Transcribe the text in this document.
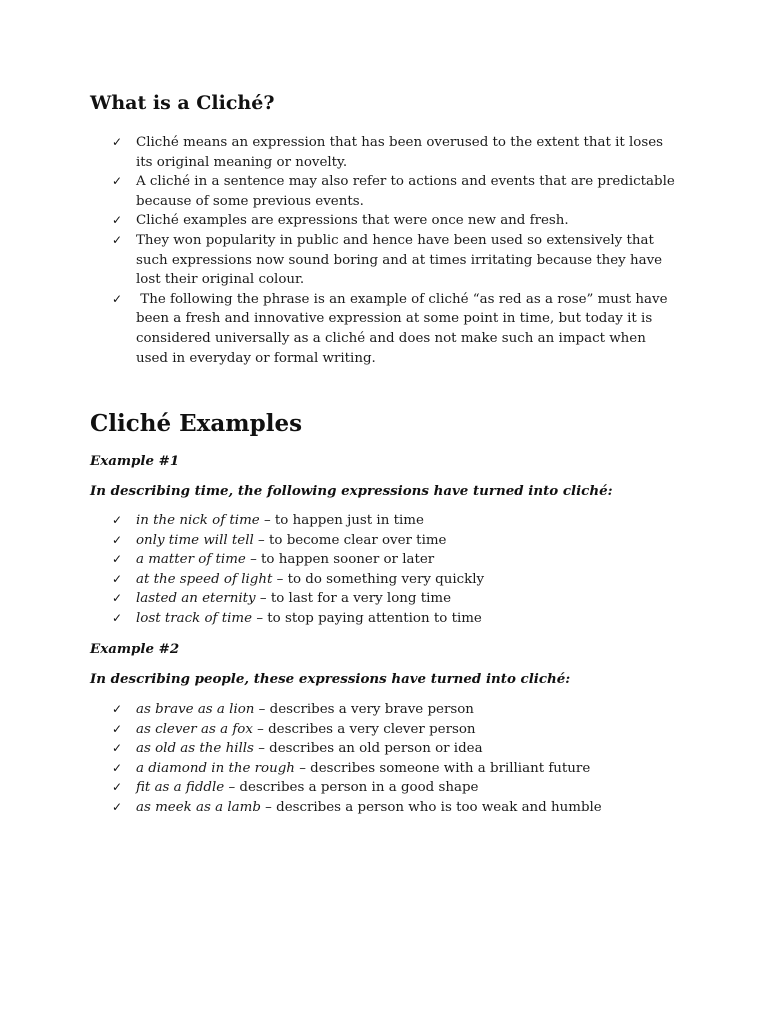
What is a Cliché?
✓ Cliché means an expression that has been overused to the extent that it loses its original meaning or novelty.
✓ A cliché in a sentence may also refer to actions and events that are predictable because of some previous events.
✓ Cliché examples are expressions that were once new and fresh.
✓ They won popularity in public and hence have been used so extensively that such expressions now sound boring and at times irritating because they have lost their original colour.
✓ The following the phrase is an example of cliché “as red as a rose” must have been a fresh and innovative expression at some point in time, but today it is considered universally as a cliché and does not make such an impact when used in everyday or formal writing.
Cliché Examples

Example #1

In describing time, the following expressions have turned into cliché:

✓ in the nick of time – to happen just in time
✓ only time will tell – to become clear over time
✓ a matter of time – to happen sooner or later
✓ at the speed of light – to do something very quickly
✓ lasted an eternity – to last for a very long time
✓ lost track of time – to stop paying attention to time

Example #2

In describing people, these expressions have turned into cliché:

✓ as brave as a lion – describes a very brave person
✓ as clever as a fox – describes a very clever person
✓ as old as the hills – describes an old person or idea
✓ a diamond in the rough – describes someone with a brilliant future
✓ fit as a fiddle – describes a person in a good shape
✓ as meek as a lamb – describes a person who is too weak and humble
